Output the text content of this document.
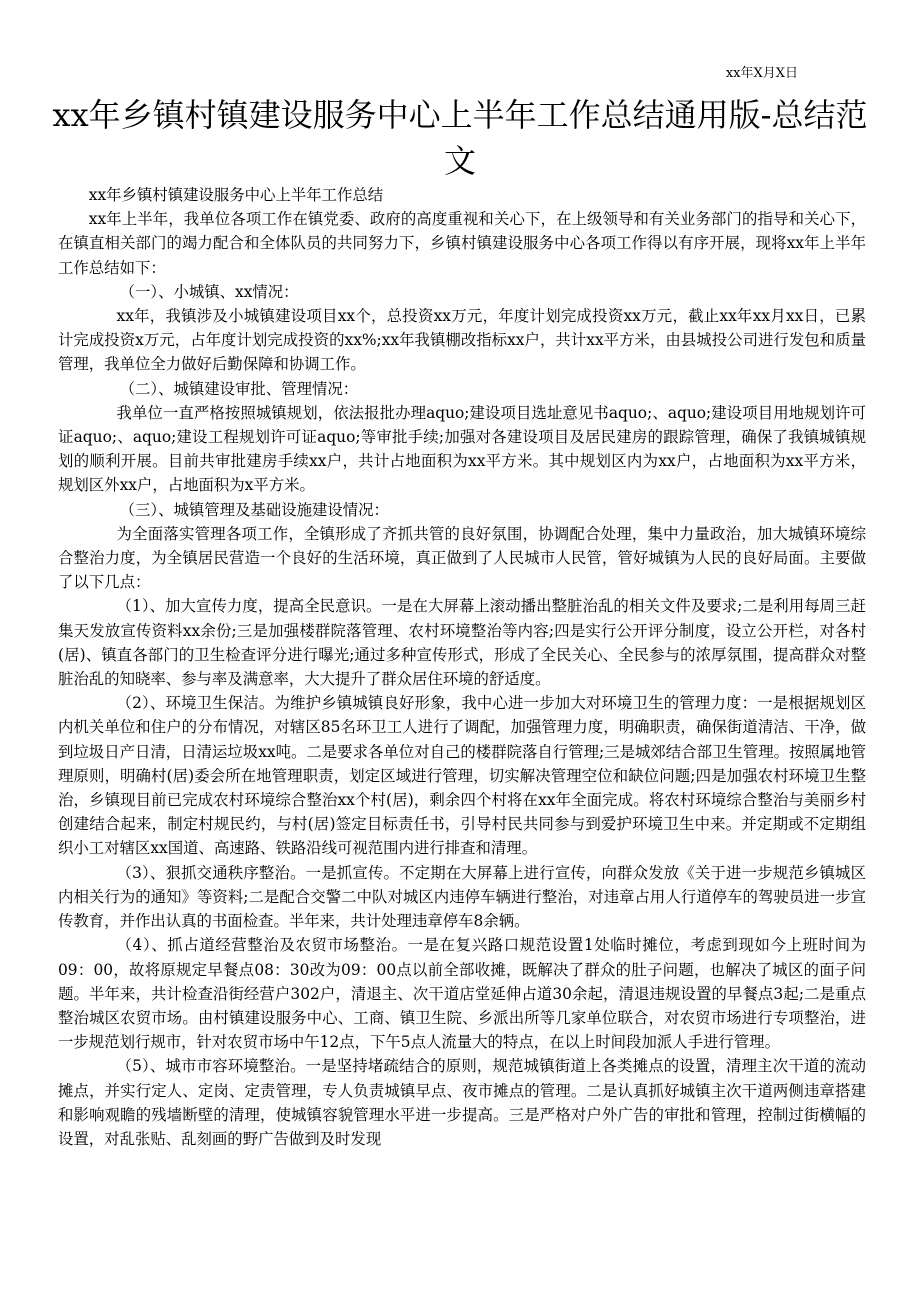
xx年X月X日
xx年乡镇村镇建设服务中心上半年工作总结通用版-总结范文

xx年乡镇村镇建设服务中心上半年工作总结

xx年上半年，我单位各项工作在镇党委、政府的高度重视和关心下，在上级领导和有关业务部门的指导和关心下，在镇直相关部门的竭力配合和全体队员的共同努力下，乡镇村镇建设服务中心各项工作得以有序开展，现将xx年上半年工作总结如下：

（一）、小城镇、xx情况：

xx年，我镇涉及小城镇建设项目xx个，总投资xx万元，年度计划完成投资xx万元，截止xx年xx月xx日，已累计完成投资x万元，占年度计划完成投资的xx%;xx年我镇棚改指标xx户，共计xx平方米，由县城投公司进行发包和质量管理，我单位全力做好后勤保障和协调工作。

（二）、城镇建设审批、管理情况：

我单位一直严格按照城镇规划，依法报批办理aquo;建设项目选址意见书aquo;、aquo;建设项目用地规划许可证aquo;、aquo;建设工程规划许可证aquo;等审批手续;加强对各建设项目及居民建房的跟踪管理，确保了我镇城镇规划的顺利开展。目前共审批建房手续xx户，共计占地面积为xx平方米。其中规划区内为xx户，占地面积为xx平方米，规划区外xx户，占地面积为x平方米。

（三）、城镇管理及基础设施建设情况：

为全面落实管理各项工作，全镇形成了齐抓共管的良好氛围，协调配合处理，集中力量政治，加大城镇环境综合整治力度，为全镇居民营造一个良好的生活环境，真正做到了人民城市人民管，管好城镇为人民的良好局面。主要做了以下几点：

（1）、加大宣传力度，提高全民意识。一是在大屏幕上滚动播出整脏治乱的相关文件及要求;二是利用每周三赶集天发放宣传资料xx余份;三是加强楼群院落管理、农村环境整治等内容;四是实行公开评分制度，设立公开栏，对各村(居)、镇直各部门的卫生检查评分进行曝光;通过多种宣传形式，形成了全民关心、全民参与的浓厚氛围，提高群众对整脏治乱的知晓率、参与率及满意率，大大提升了群众居住环境的舒适度。

（2）、环境卫生保洁。为维护乡镇城镇良好形象，我中心进一步加大对环境卫生的管理力度：一是根据规划区内机关单位和住户的分布情况，对辖区85名环卫工人进行了调配，加强管理力度，明确职责，确保街道清洁、干净，做到垃圾日产日清，日清运垃圾xx吨。二是要求各单位对自己的楼群院落自行管理;三是城郊结合部卫生管理。按照属地管理原则，明确村(居)委会所在地管理职责，划定区域进行管理，切实解决管理空位和缺位问题;四是加强农村环境卫生整治，乡镇现目前已完成农村环境综合整治xx个村(居)，剩余四个村将在xx年全面完成。将农村环境综合整治与美丽乡村创建结合起来，制定村规民约，与村(居)签定目标责任书，引导村民共同参与到爱护环境卫生中来。并定期或不定期组织小工对辖区xx国道、高速路、铁路沿线可视范围内进行排查和清理。

（3）、狠抓交通秩序整治。一是抓宣传。不定期在大屏幕上进行宣传，向群众发放《关于进一步规范乡镇城区内相关行为的通知》等资料;二是配合交警二中队对城区内违停车辆进行整治，对违章占用人行道停车的驾驶员进一步宣传教育，并作出认真的书面检查。半年来，共计处理违章停车8余辆。

（4）、抓占道经营整治及农贸市场整治。一是在复兴路口规范设置1处临时摊位，考虑到现如今上班时间为09：00，故将原规定早餐点08：30改为09：00点以前全部收摊，既解决了群众的肚子问题，也解决了城区的面子问题。半年来，共计检查沿街经营户302户，清退主、次干道店堂延伸占道30余起，清退违规设置的早餐点3起;二是重点整治城区农贸市场。由村镇建设服务中心、工商、镇卫生院、乡派出所等几家单位联合，对农贸市场进行专项整治，进一步规范划行规市，针对农贸市场中午12点，下午5点人流量大的特点，在以上时间段加派人手进行管理。

（5）、城市市容环境整治。一是坚持堵疏结合的原则，规范城镇街道上各类摊点的设置，清理主次干道的流动摊点，并实行定人、定岗、定责管理，专人负责城镇早点、夜市摊点的管理。二是认真抓好城镇主次干道两侧违章搭建和影响观瞻的残墙断壁的清理，使城镇容貌管理水平进一步提高。三是严格对户外广告的审批和管理，控制过街横幅的设置，对乱张贴、乱刻画的野广告做到及时发现
